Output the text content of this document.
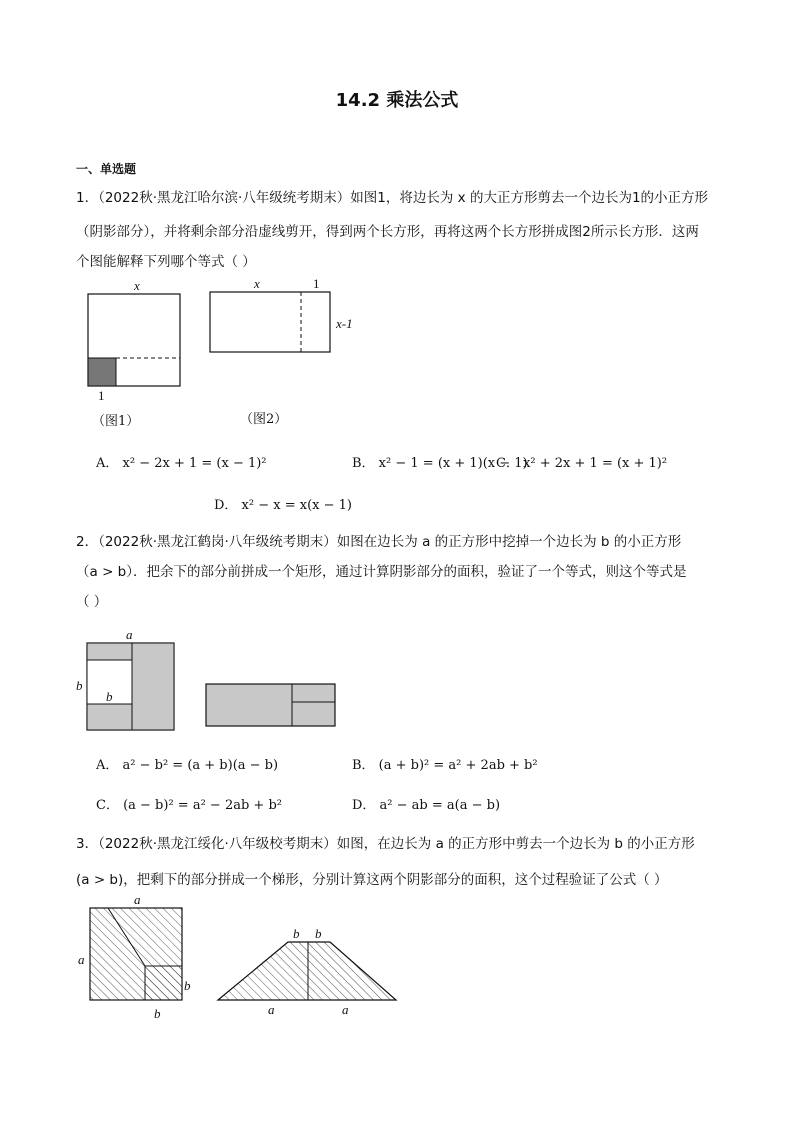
14.2 乘法公式
一、单选题
1．（2022秋·黑龙江哈尔滨·八年级统考期末）如图1，将边长为 x 的大正方形剪去一个边长为1的小正方形
（阴影部分），并将剩余部分沿虚线剪开，得到两个长方形，再将这两个长方形拼成图2所示长方形．这两
个图能解释下列哪个等式（ ）
x
1
（图1）
x	1
x-1
（图2）
A． x² − 2x + 1 = (x − 1)²	B． x² − 1 = (x + 1)(x − 1)
C． x² + 2x + 1 = (x + 1)²
D． x² − x = x(x − 1)
2．（2022秋·黑龙江鹤岗·八年级统考期末）如图在边长为 a 的正方形中挖掉一个边长为 b 的小正方形
（a > b）．把余下的部分前拼成一个矩形，通过计算阴影部分的面积，验证了一个等式，则这个等式是
（ ）
a
b
b
A． a² − b² = (a + b)(a − b)	B． (a + b)² = a² + 2ab + b²
C． (a − b)² = a² − 2ab + b²	D． a² − ab = a(a − b)
3．（2022秋·黑龙江绥化·八年级校考期末）如图，在边长为 a 的正方形中剪去一个边长为 b 的小正方形
(a > b)，把剩下的部分拼成一个梯形，分别计算这两个阴影部分的面积，这个过程验证了公式（ ）
a
a
b
b
b b
a	a
